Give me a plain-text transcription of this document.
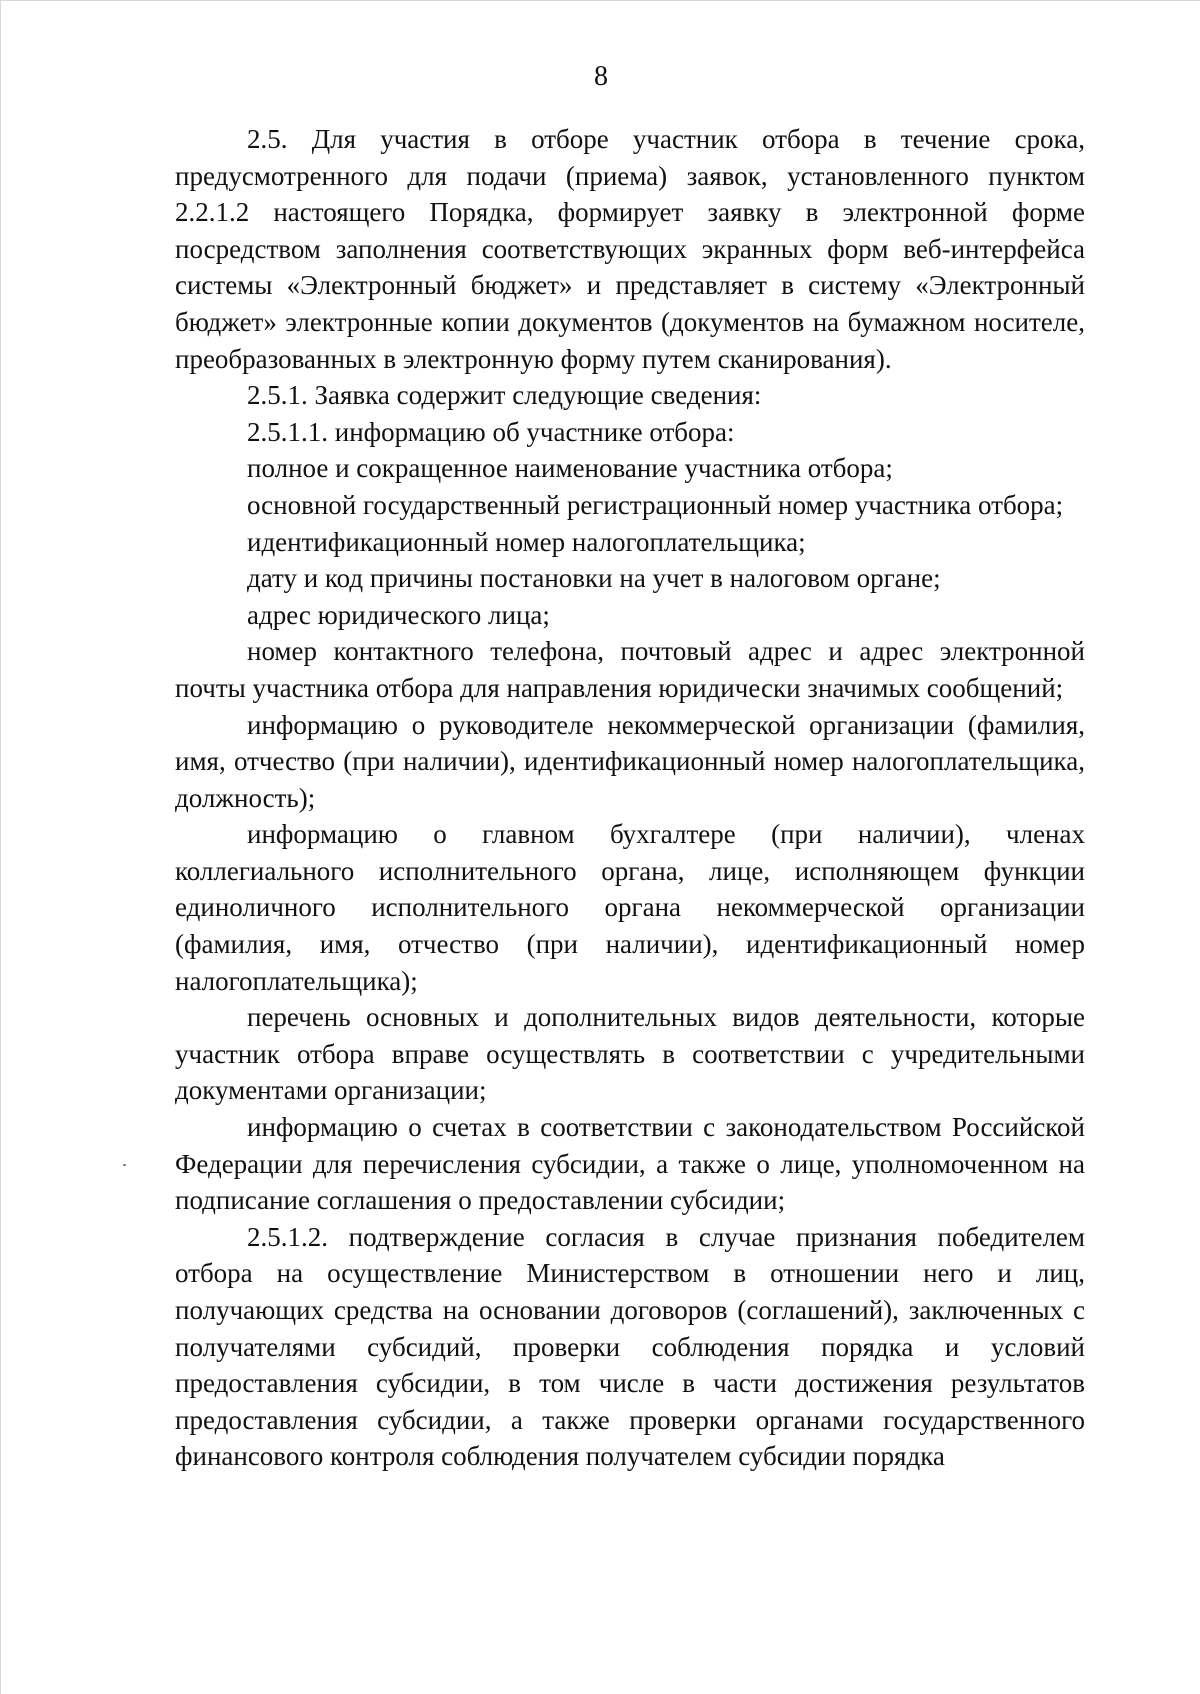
8

2.5. Для участия в отборе участник отбора в течение срока, предусмотренного для подачи (приема) заявок, установленного пунктом 2.2.1.2 настоящего Порядка, формирует заявку в электронной форме посредством заполнения соответствующих экранных форм веб-интерфейса системы «Электронный бюджет» и представляет в систему «Электронный бюджет» электронные копии документов (документов на бумажном носителе, преобразованных в электронную форму путем сканирования).

2.5.1. Заявка содержит следующие сведения:

2.5.1.1. информацию об участнике отбора:

полное и сокращенное наименование участника отбора;

основной государственный регистрационный номер участника отбора;

идентификационный номер налогоплательщика;

дату и код причины постановки на учет в налоговом органе;

адрес юридического лица;

номер контактного телефона, почтовый адрес и адрес электронной почты участника отбора для направления юридически значимых сообщений;

информацию о руководителе некоммерческой организации (фамилия, имя, отчество (при наличии), идентификационный номер налогоплательщика, должность);

информацию о главном бухгалтере (при наличии), членах коллегиального исполнительного органа, лице, исполняющем функции единоличного исполнительного органа некоммерческой организации (фамилия, имя, отчество (при наличии), идентификационный номер налогоплательщика);

перечень основных и дополнительных видов деятельности, которые участник отбора вправе осуществлять в соответствии с учредительными документами организации;

информацию о счетах в соответствии с законодательством Российской Федерации для перечисления субсидии, а также о лице, уполномоченном на подписание соглашения о предоставлении субсидии;

2.5.1.2. подтверждение согласия в случае признания победителем отбора на осуществление Министерством в отношении него и лиц, получающих средства на основании договоров (соглашений), заключенных с получателями субсидий, проверки соблюдения порядка и условий предоставления субсидии, в том числе в части достижения результатов предоставления субсидии, а также проверки органами государственного финансового контроля соблюдения получателем субсидии порядка
